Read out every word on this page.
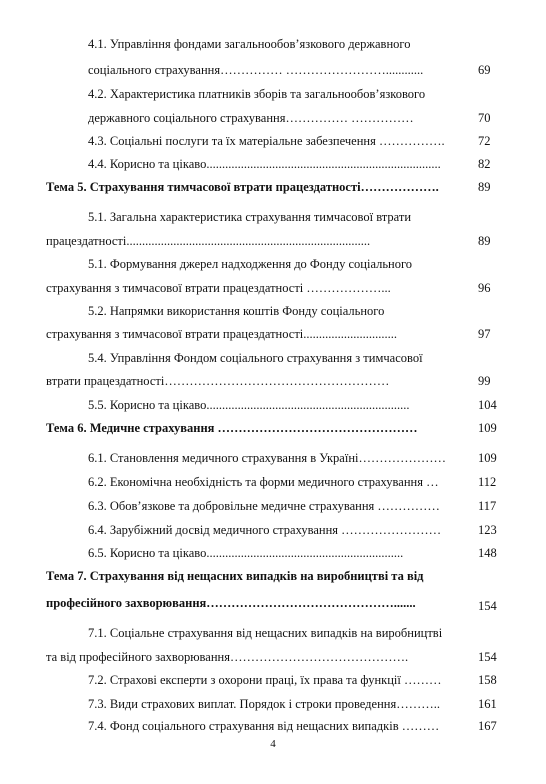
4.1. Управління фондами загальнообов’язкового державного
соціального страхування…………… ……………………............	69
4.2. Характеристика платників зборів та загальнообов’язкового
державного соціального страхування…………… ……………	70
4.3. Соціальні послуги та їх матеріальне забезпечення …………….	72
4.4. Корисно та цікаво...........................................................................	82
Тема 5. Страхування тимчасової втрати працездатності……………….	89
5.1. Загальна характеристика страхування тимчасової втрати
працездатності..............................................................................	89
5.1. Формування джерел надходження до Фонду соціального
страхування з тимчасової втрати працездатності ………………...	96
5.2. Напрямки використання коштів Фонду соціального
страхування з тимчасової втрати працездатності..............................	97
5.4. Управління Фондом соціального страхування з тимчасової
втрати працездатності………………………………………………	99
5.5. Корисно та цікаво.................................................................	104
Тема 6. Медичне страхування …………………………………………	109
6.1. Становлення медичного страхування в Україні…………………	109
6.2. Економічна необхідність та форми медичного страхування …	112
6.3. Обов’язкове та добровільне медичне страхування ……………	117
6.4. Зарубіжний досвід медичного страхування ……………………	123
6.5. Корисно та цікаво...............................................................	148
Тема 7. Страхування від нещасних випадків на виробництві та від
професійного захворювання……………………………………….......	154
7.1. Соціальне страхування від нещасних випадків на виробництві
та від професійного захворювання…………………………………….	154
7.2. Страхові експерти з охорони праці, їх права та функції ………	158
7.3. Види страхових виплат. Порядок і строки проведення………..	161
7.4. Фонд соціального страхування від нещасних випадків ………	167
4
